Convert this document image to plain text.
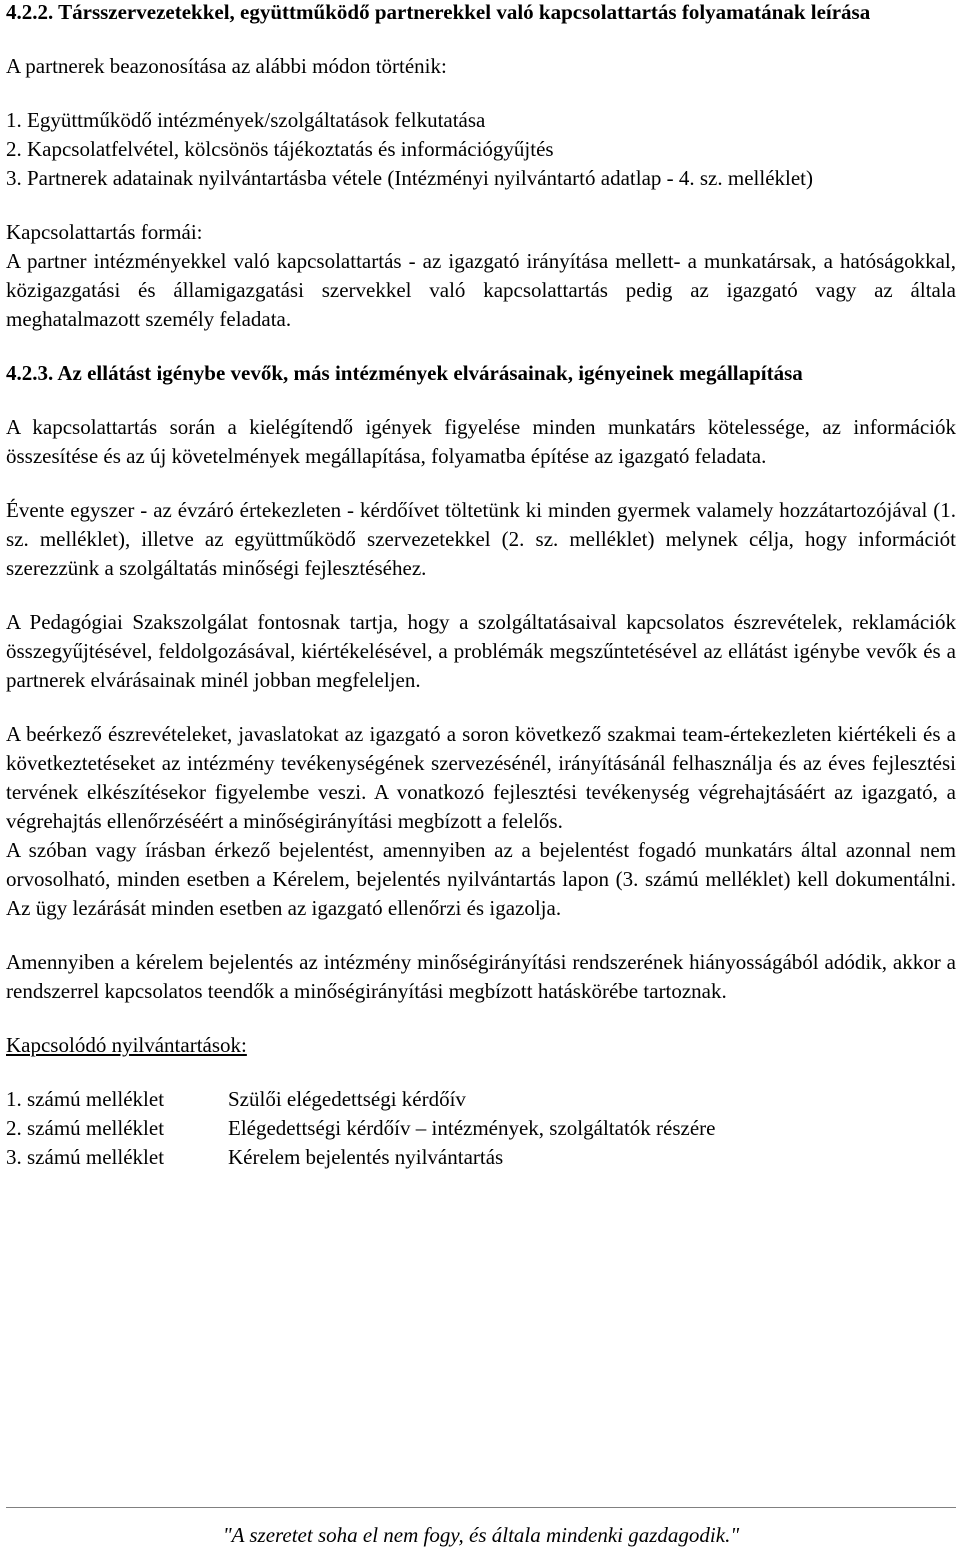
4.2.2. Társszervezetekkel, együttműködő partnerekkel való kapcsolattartás folyamatának leírása

A partnerek beazonosítása az alábbi módon történik:

1. Együttműködő intézmények/szolgáltatások felkutatása

2. Kapcsolatfelvétel, kölcsönös tájékoztatás és információgyűjtés

3. Partnerek adatainak nyilvántartásba vétele (Intézményi nyilvántartó adatlap - 4. sz. melléklet)

Kapcsolattartás formái:

A partner intézményekkel való kapcsolattartás - az igazgató irányítása mellett- a munkatársak, a hatóságokkal, közigazgatási és államigazgatási szervekkel való kapcsolattartás pedig az igazgató vagy az általa meghatalmazott személy feladata.

4.2.3. Az ellátást igénybe vevők, más intézmények elvárásainak, igényeinek megállapítása

A kapcsolattartás során a kielégítendő igények figyelése minden munkatárs kötelessége, az információk összesítése és az új követelmények megállapítása, folyamatba építése az igazgató feladata.

Évente egyszer - az évzáró értekezleten - kérdőívet töltetünk ki minden gyermek valamely hozzátartozójával (1. sz. melléklet), illetve az együttműködő szervezetekkel (2. sz. melléklet) melynek célja, hogy információt szerezzünk a szolgáltatás minőségi fejlesztéséhez.

A Pedagógiai Szakszolgálat fontosnak tartja, hogy a szolgáltatásaival kapcsolatos észrevételek, reklamációk összegyűjtésével, feldolgozásával, kiértékelésével, a problémák megszűntetésével az ellátást igénybe vevők és a partnerek elvárásainak minél jobban megfeleljen.

A beérkező észrevételeket, javaslatokat az igazgató a soron következő szakmai team-értekezleten kiértékeli és a következtetéseket az intézmény tevékenységének szervezésénél, irányításánál felhasználja és az éves fejlesztési tervének elkészítésekor figyelembe veszi. A vonatkozó fejlesztési tevékenység végrehajtásáért az igazgató, a végrehajtás ellenőrzéséért a minőségirányítási megbízott a felelős.

A szóban vagy írásban érkező bejelentést, amennyiben az a bejelentést fogadó munkatárs által azonnal nem orvosolható, minden esetben a Kérelem, bejelentés nyilvántartás lapon (3. számú melléklet) kell dokumentálni. Az ügy lezárását minden esetben az igazgató ellenőrzi és igazolja.

Amennyiben a kérelem bejelentés az intézmény minőségirányítási rendszerének hiányosságából adódik, akkor a rendszerrel kapcsolatos teendők a minőségirányítási megbízott hatáskörébe tartoznak.

Kapcsolódó nyilvántartások:

1. számú melléklet	Szülői elégedettségi kérdőív
2. számú melléklet	Elégedettségi kérdőív – intézmények, szolgáltatók részére
3. számú melléklet	Kérelem bejelentés nyilvántartás
"A szeretet soha el nem fogy, és általa mindenki gazdagodik."
